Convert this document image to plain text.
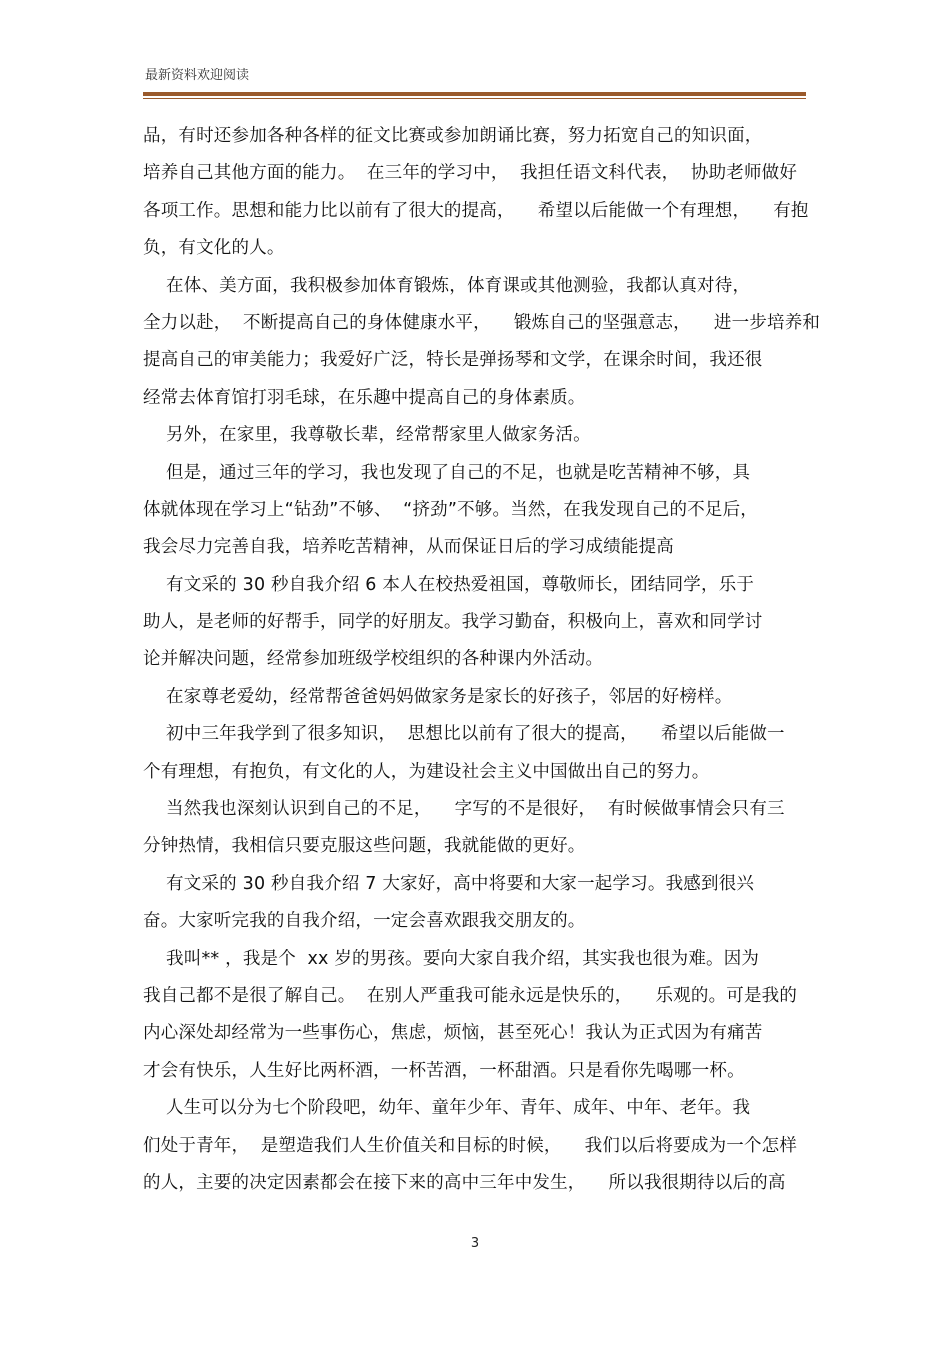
最新资料欢迎阅读
品，有时还参加各种各样的征文比赛或参加朗诵比赛，努力拓宽自己的知识面，
培养自己其他方面的能力。  在三年的学习中，  我担任语文科代表，  协助老师做好
各项工作。思想和能力比以前有了很大的提高，    希望以后能做一个有理想，    有抱
负，有文化的人。
在体、美方面，我积极参加体育锻炼，体育课或其他测验，我都认真对待，
全力以赴，  不断提高自己的身体健康水平，    锻炼自己的坚强意志，    进一步培养和
提高自己的审美能力；我爱好广泛，特长是弹扬琴和文学，在课余时间，我还很
经常去体育馆打羽毛球，在乐趣中提高自己的身体素质。
另外，在家里，我尊敬长辈，经常帮家里人做家务活。
但是，通过三年的学习，我也发现了自己的不足，也就是吃苦精神不够，具
体就体现在学习上“钻劲”不够、  “挤劲”不够。当然，在我发现自己的不足后，
我会尽力完善自我，培养吃苦精神，从而保证日后的学习成绩能提高
有文采的 30 秒自我介绍 6 本人在校热爱祖国，尊敬师长，团结同学，乐于
助人，是老师的好帮手，同学的好朋友。我学习勤奋，积极向上，喜欢和同学讨
论并解决问题，经常参加班级学校组织的各种课内外活动。
在家尊老爱幼，经常帮爸爸妈妈做家务是家长的好孩子，邻居的好榜样。
初中三年我学到了很多知识，  思想比以前有了很大的提高，    希望以后能做一
个有理想，有抱负，有文化的人，为建设社会主义中国做出自己的努力。
当然我也深刻认识到自己的不足，    字写的不是很好，  有时候做事情会只有三
分钟热情，我相信只要克服这些问题，我就能做的更好。
有文采的 30 秒自我介绍 7 大家好，高中将要和大家一起学习。我感到很兴
奋。大家听完我的自我介绍，一定会喜欢跟我交朋友的。
我叫** ，我是个  xx 岁的男孩。要向大家自我介绍，其实我也很为难。因为
我自己都不是很了解自己。  在别人严重我可能永远是快乐的，    乐观的。可是我的
内心深处却经常为一些事伤心，焦虑，烦恼，甚至死心！我认为正式因为有痛苦
才会有快乐，人生好比两杯酒，一杯苦酒，一杯甜酒。只是看你先喝哪一杯。
人生可以分为七个阶段吧，幼年、童年少年、青年、成年、中年、老年。我
们处于青年，  是塑造我们人生价值关和目标的时候，    我们以后将要成为一个怎样
的人，主要的决定因素都会在接下来的高中三年中发生，    所以我很期待以后的高
3
